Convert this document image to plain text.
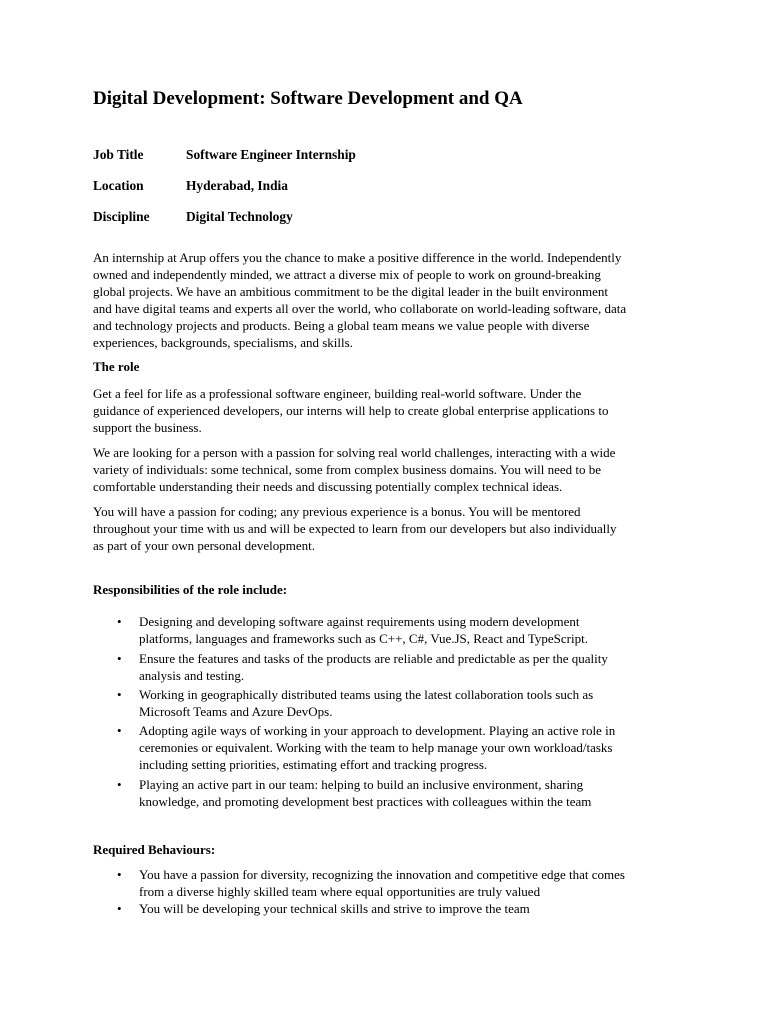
Digital Development: Software Development and QA
Job Title	Software Engineer Internship
Location	Hyderabad, India
Discipline	Digital Technology
An internship at Arup offers you the chance to make a positive difference in the world. Independently
owned and independently minded, we attract a diverse mix of people to work on ground-breaking
global projects. We have an ambitious commitment to be the digital leader in the built environment
and have digital teams and experts all over the world, who collaborate on world-leading software, data
and technology projects and products. Being a global team means we value people with diverse
experiences, backgrounds, specialisms, and skills.
The role
Get a feel for life as a professional software engineer, building real-world software. Under the
guidance of experienced developers, our interns will help to create global enterprise applications to
support the business.
We are looking for a person with a passion for solving real world challenges, interacting with a wide
variety of individuals: some technical, some from complex business domains. You will need to be
comfortable understanding their needs and discussing potentially complex technical ideas.
You will have a passion for coding; any previous experience is a bonus. You will be mentored
throughout your time with us and will be expected to learn from our developers but also individually
as part of your own personal development.
Responsibilities of the role include:
• Designing and developing software against requirements using modern development
platforms, languages and frameworks such as C++, C#, Vue.JS, React and TypeScript.
• Ensure the features and tasks of the products are reliable and predictable as per the quality
analysis and testing.
• Working in geographically distributed teams using the latest collaboration tools such as
Microsoft Teams and Azure DevOps.
• Adopting agile ways of working in your approach to development. Playing an active role in
ceremonies or equivalent. Working with the team to help manage your own workload/tasks
including setting priorities, estimating effort and tracking progress.
• Playing an active part in our team: helping to build an inclusive environment, sharing
knowledge, and promoting development best practices with colleagues within the team
Required Behaviours:
• You have a passion for diversity, recognizing the innovation and competitive edge that comes
from a diverse highly skilled team where equal opportunities are truly valued
• You will be developing your technical skills and strive to improve the team
